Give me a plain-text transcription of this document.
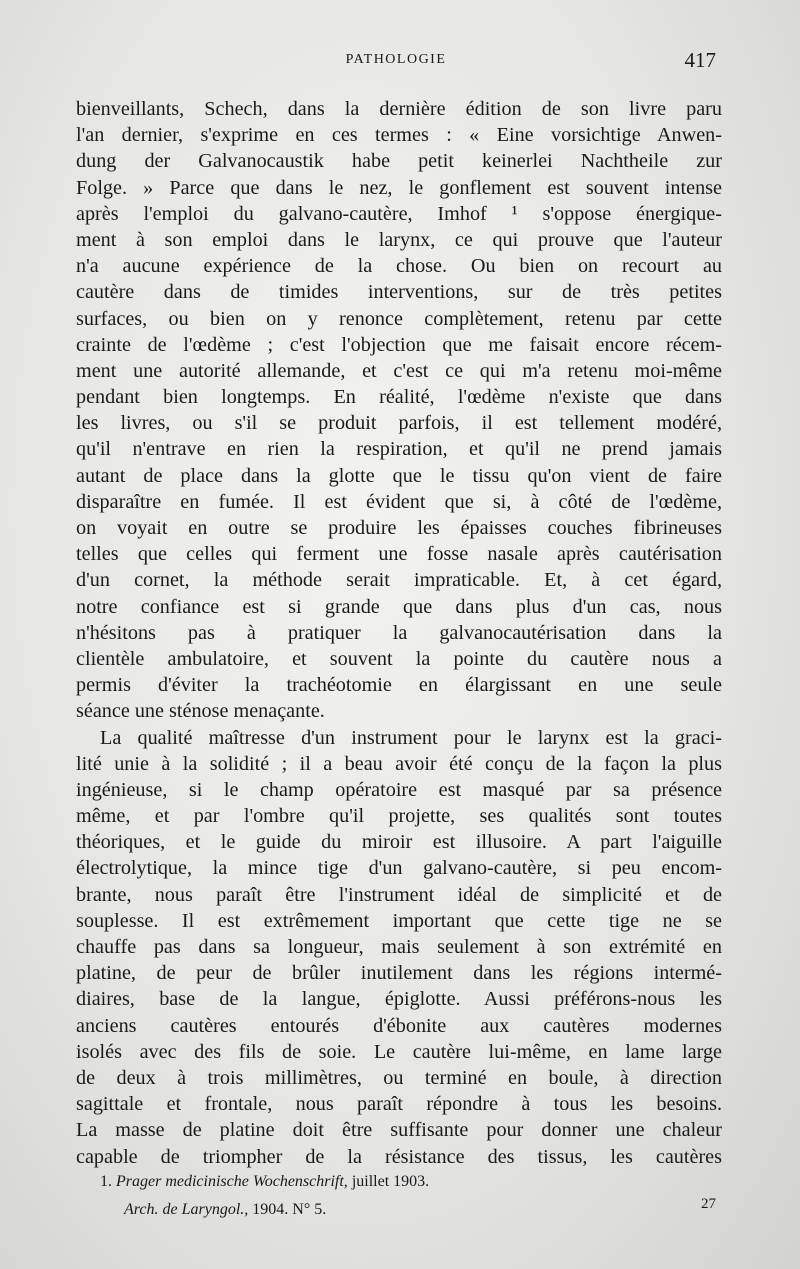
PATHOLOGIE	417
bienveillants, Schech, dans la dernière édition de son livre paru
l'an dernier, s'exprime en ces termes : « Eine vorsichtige Anwen-
dung der Galvanocaustik habe petit keinerlei Nachtheile zur
Folge. » Parce que dans le nez, le gonflement est souvent intense
après l'emploi du galvano-cautère, Imhof ¹ s'oppose énergique-
ment à son emploi dans le larynx, ce qui prouve que l'auteur
n'a aucune expérience de la chose. Ou bien on recourt au
cautère dans de timides interventions, sur de très petites
surfaces, ou bien on y renonce complètement, retenu par cette
crainte de l'œdème ; c'est l'objection que me faisait encore récem-
ment une autorité allemande, et c'est ce qui m'a retenu moi-même
pendant bien longtemps. En réalité, l'œdème n'existe que dans
les livres, ou s'il se produit parfois, il est tellement modéré,
qu'il n'entrave en rien la respiration, et qu'il ne prend jamais
autant de place dans la glotte que le tissu qu'on vient de faire
disparaître en fumée. Il est évident que si, à côté de l'œdème,
on voyait en outre se produire les épaisses couches fibrineuses
telles que celles qui ferment une fosse nasale après cautérisation
d'un cornet, la méthode serait impraticable. Et, à cet égard,
notre confiance est si grande que dans plus d'un cas, nous
n'hésitons pas à pratiquer la galvanocautérisation dans la
clientèle ambulatoire, et souvent la pointe du cautère nous a
permis d'éviter la trachéotomie en élargissant en une seule
séance une sténose menaçante.
La qualité maîtresse d'un instrument pour le larynx est la graci-
lité unie à la solidité ; il a beau avoir été conçu de la façon la plus
ingénieuse, si le champ opératoire est masqué par sa présence
même, et par l'ombre qu'il projette, ses qualités sont toutes
théoriques, et le guide du miroir est illusoire. A part l'aiguille
électrolytique, la mince tige d'un galvano-cautère, si peu encom-
brante, nous paraît être l'instrument idéal de simplicité et de
souplesse. Il est extrêmement important que cette tige ne se
chauffe pas dans sa longueur, mais seulement à son extrémité en
platine, de peur de brûler inutilement dans les régions intermé-
diaires, base de la langue, épiglotte. Aussi préférons-nous les
anciens cautères entourés d'ébonite aux cautères modernes
isolés avec des fils de soie. Le cautère lui-même, en lame large
de deux à trois millimètres, ou terminé en boule, à direction
sagittale et frontale, nous paraît répondre à tous les besoins.
La masse de platine doit être suffisante pour donner une chaleur
capable de triompher de la résistance des tissus, les cautères
1. Prager medicinische Wochenschrift, juillet 1903.
Arch. de Laryngol., 1904. N° 5.	27
